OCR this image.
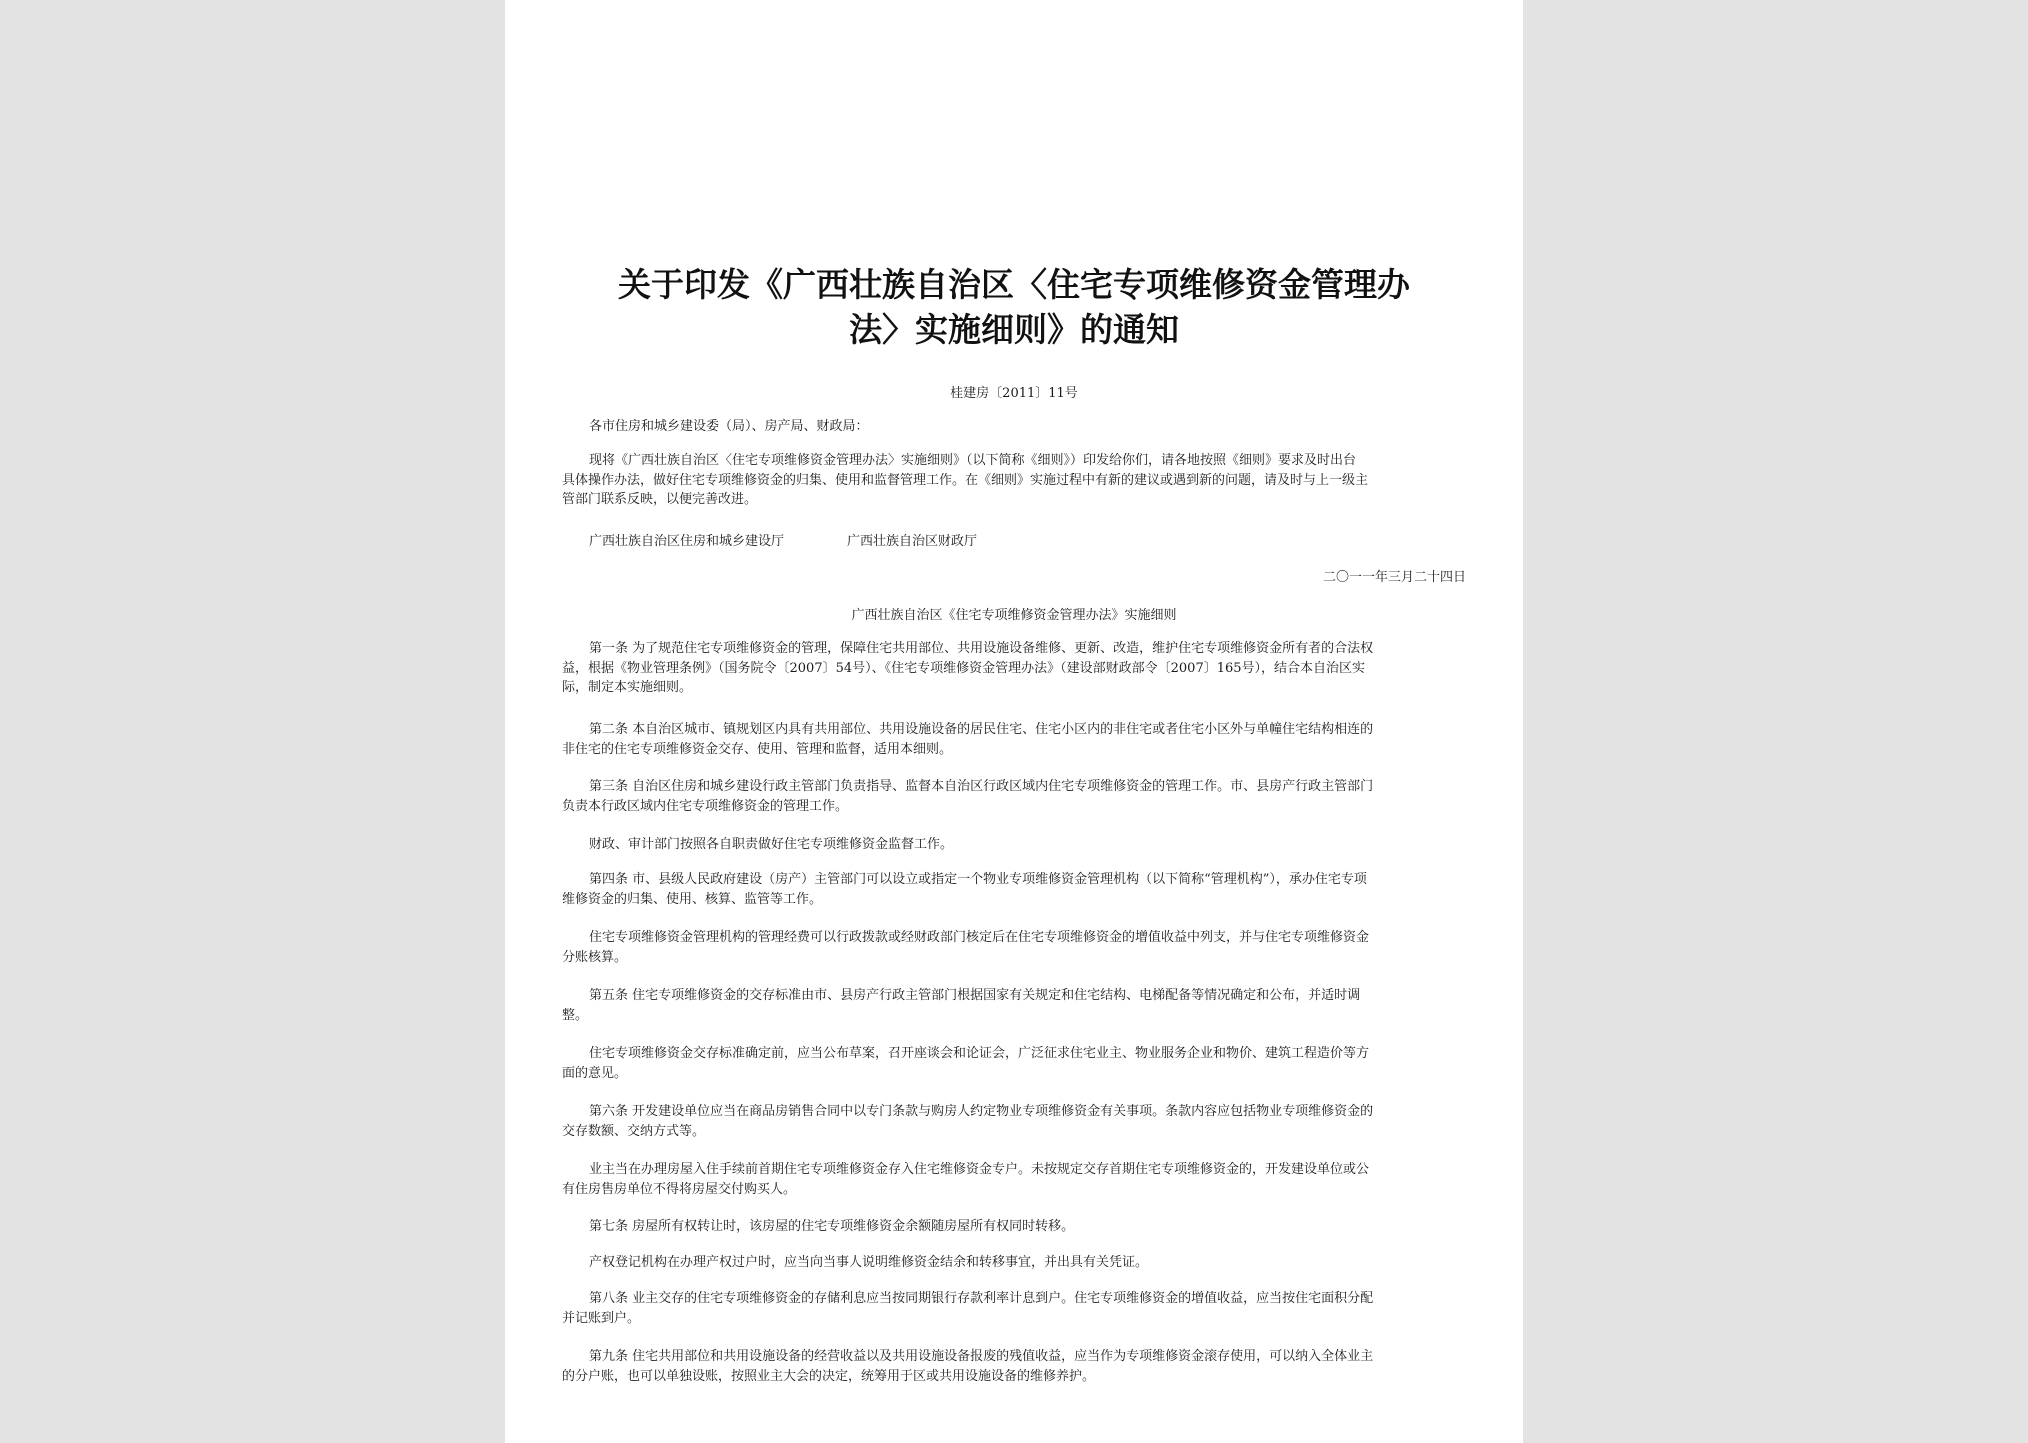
关于印发《广西壮族自治区〈住宅专项维修资金管理办
法〉实施细则》的通知
桂建房〔2011〕11号
各市住房和城乡建设委（局）、房产局、财政局：
现将《广西壮族自治区〈住宅专项维修资金管理办法〉实施细则》（以下简称《细则》）印发给你们，请各地按照《细则》要求及时出台
具体操作办法，做好住宅专项维修资金的归集、使用和监督管理工作。在《细则》实施过程中有新的建议或遇到新的问题，请及时与上一级主
管部门联系反映，以便完善改进。
广西壮族自治区住房和城乡建设厅	广西壮族自治区财政厅
二〇一一年三月二十四日
广西壮族自治区《住宅专项维修资金管理办法》实施细则
第一条 为了规范住宅专项维修资金的管理，保障住宅共用部位、共用设施设备维修、更新、改造，维护住宅专项维修资金所有者的合法权
益，根据《物业管理条例》（国务院令〔2007〕54号）、《住宅专项维修资金管理办法》（建设部财政部令〔2007〕165号），结合本自治区实
际，制定本实施细则。
第二条 本自治区城市、镇规划区内具有共用部位、共用设施设备的居民住宅、住宅小区内的非住宅或者住宅小区外与单幢住宅结构相连的
非住宅的住宅专项维修资金交存、使用、管理和监督，适用本细则。
第三条 自治区住房和城乡建设行政主管部门负责指导、监督本自治区行政区域内住宅专项维修资金的管理工作。市、县房产行政主管部门
负责本行政区域内住宅专项维修资金的管理工作。
财政、审计部门按照各自职责做好住宅专项维修资金监督工作。
第四条 市、县级人民政府建设（房产）主管部门可以设立或指定一个物业专项维修资金管理机构（以下简称“管理机构”），承办住宅专项
维修资金的归集、使用、核算、监管等工作。
住宅专项维修资金管理机构的管理经费可以行政拨款或经财政部门核定后在住宅专项维修资金的增值收益中列支，并与住宅专项维修资金
分账核算。
第五条 住宅专项维修资金的交存标准由市、县房产行政主管部门根据国家有关规定和住宅结构、电梯配备等情况确定和公布，并适时调
整。
住宅专项维修资金交存标准确定前，应当公布草案，召开座谈会和论证会，广泛征求住宅业主、物业服务企业和物价、建筑工程造价等方
面的意见。
第六条 开发建设单位应当在商品房销售合同中以专门条款与购房人约定物业专项维修资金有关事项。条款内容应包括物业专项维修资金的
交存数额、交纳方式等。
业主当在办理房屋入住手续前首期住宅专项维修资金存入住宅维修资金专户。未按规定交存首期住宅专项维修资金的，开发建设单位或公
有住房售房单位不得将房屋交付购买人。
第七条 房屋所有权转让时，该房屋的住宅专项维修资金余额随房屋所有权同时转移。
产权登记机构在办理产权过户时，应当向当事人说明维修资金结余和转移事宜，并出具有关凭证。
第八条 业主交存的住宅专项维修资金的存储利息应当按同期银行存款利率计息到户。住宅专项维修资金的增值收益，应当按住宅面积分配
并记账到户。
第九条 住宅共用部位和共用设施设备的经营收益以及共用设施设备报废的残值收益，应当作为专项维修资金滚存使用，可以纳入全体业主
的分户账，也可以单独设账，按照业主大会的决定，统筹用于区或共用设施设备的维修养护。
